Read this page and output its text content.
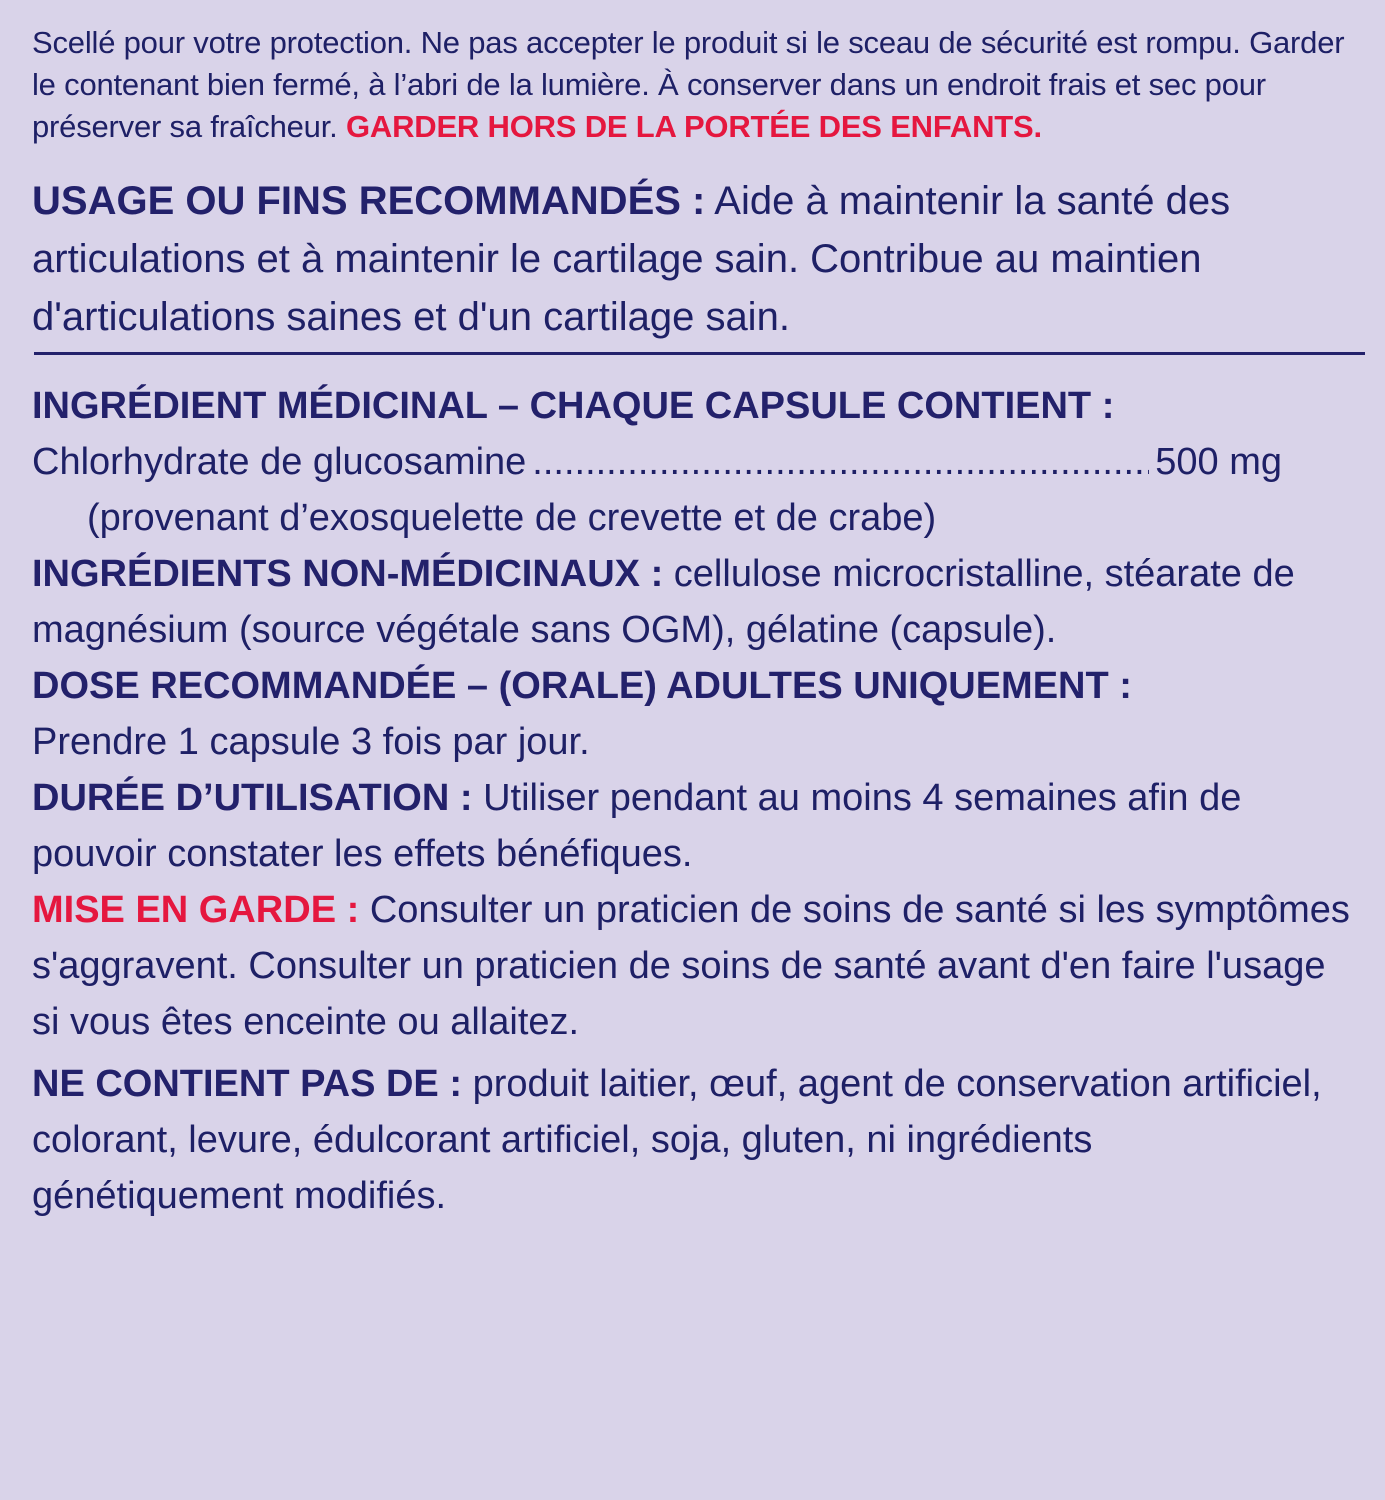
Scellé pour votre protection. Ne pas accepter le produit si le sceau de sécurité est rompu. Garder le contenant bien fermé, à l’abri de la lumière. À conserver dans un endroit frais et sec pour préserver sa fraîcheur. GARDER HORS DE LA PORTÉE DES ENFANTS.
USAGE OU FINS RECOMMANDÉS : Aide à maintenir la santé des articulations et à maintenir le cartilage sain. Contribue au maintien d'articulations saines et d'un cartilage sain.

INGRÉDIENT MÉDICINAL – CHAQUE CAPSULE CONTIENT :

Chlorhydrate de glucosamine
.....	500 mg

(provenant d’exosquelette de crevette et de crabe)

INGRÉDIENTS NON-MÉDICINAUX : cellulose microcristalline, stéarate de magnésium (source végétale sans OGM), gélatine (capsule).

DOSE RECOMMANDÉE – (ORALE) ADULTES UNIQUEMENT :

Prendre 1 capsule 3 fois par jour.

DURÉE D’UTILISATION : Utiliser pendant au moins 4 semaines afin de pouvoir constater les effets bénéfiques.

MISE EN GARDE : Consulter un praticien de soins de santé si les symptômes s'aggravent. Consulter un praticien de soins de santé avant d'en faire l'usage si vous êtes enceinte ou allaitez.

NE CONTIENT PAS DE : produit laitier, œuf, agent de conservation artificiel, colorant, levure, édulcorant artificiel, soja, gluten, ni ingrédients génétiquement modifiés.
